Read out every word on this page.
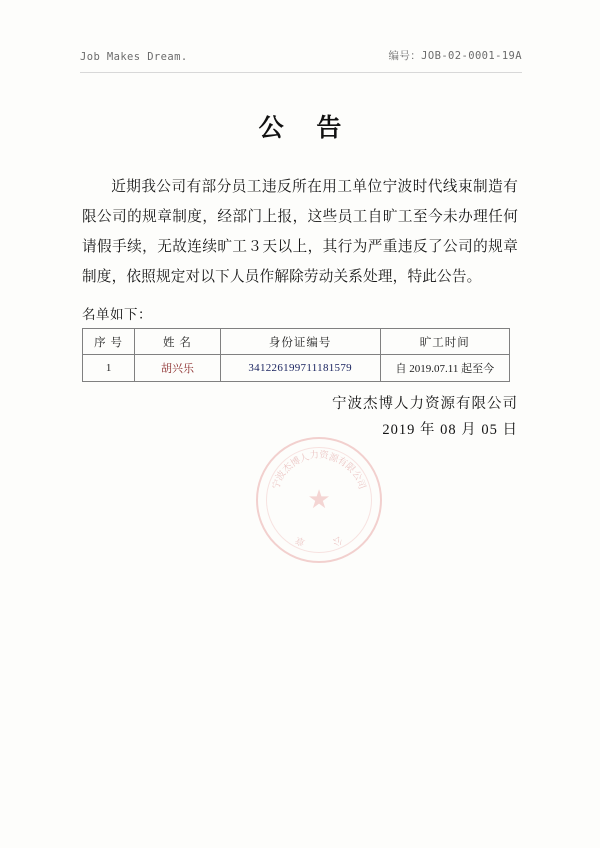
Job Makes Dream.	编号：JOB-02-0001-19A
公 告
近期我公司有部分员工违反所在用工单位宁波时代线束制造有限公司的规章制度，经部门上报，这些员工自旷工至今未办理任何请假手续，无故连续旷工３天以上，其行为严重违反了公司的规章制度，依照规定对以下人员作解除劳动关系处理，特此公告。
名单如下：
序 号	姓 名	身份证编号	旷工时间
1	胡兴乐	341226199711181579	自 2019.07.11 起至今
宁波杰博人力资源有限公司
2019 年 08 月 05 日
★
宁
波
杰
博
人
力 资
源
有
限
公
司
公
章
